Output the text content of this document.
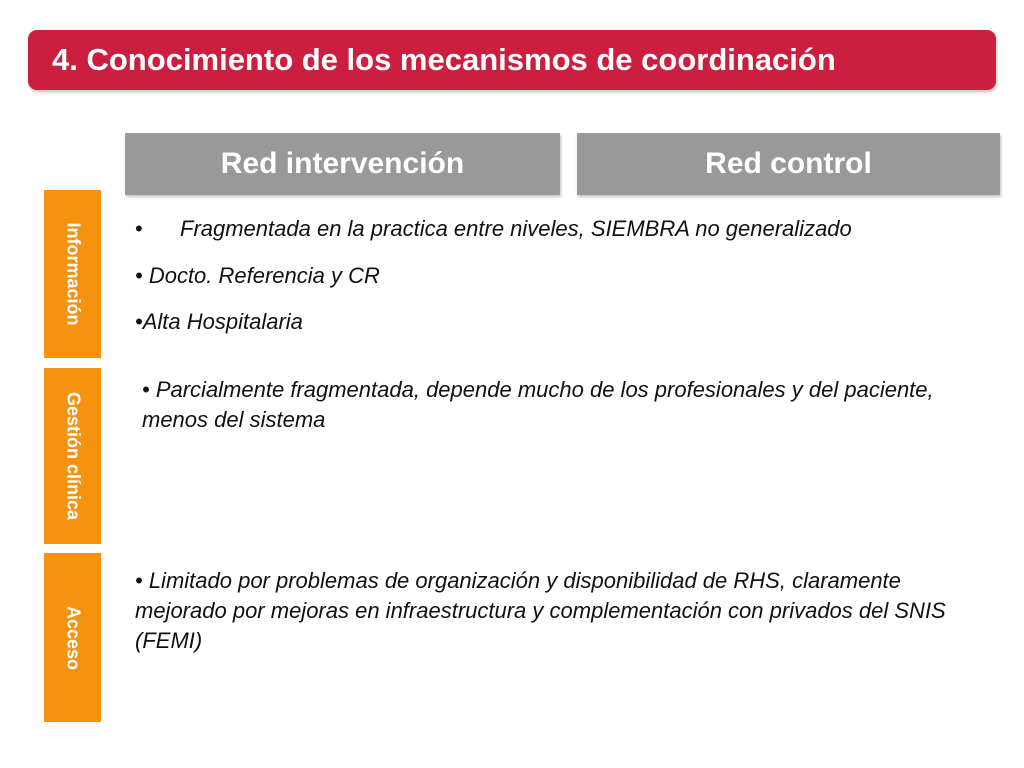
4. Conocimiento de los mecanismos de coordinación
Red intervención	Red control
Información
Gestión clínica
Acceso
• Fragmentada en la practica entre niveles, SIEMBRA no generalizado
• Docto. Referencia y CR
•Alta Hospitalaria
• Parcialmente fragmentada, depende mucho de los profesionales y del paciente, menos del sistema
• Limitado por problemas de organización y disponibilidad de RHS, claramente mejorado por mejoras en infraestructura y complementación con privados del SNIS (FEMI)
